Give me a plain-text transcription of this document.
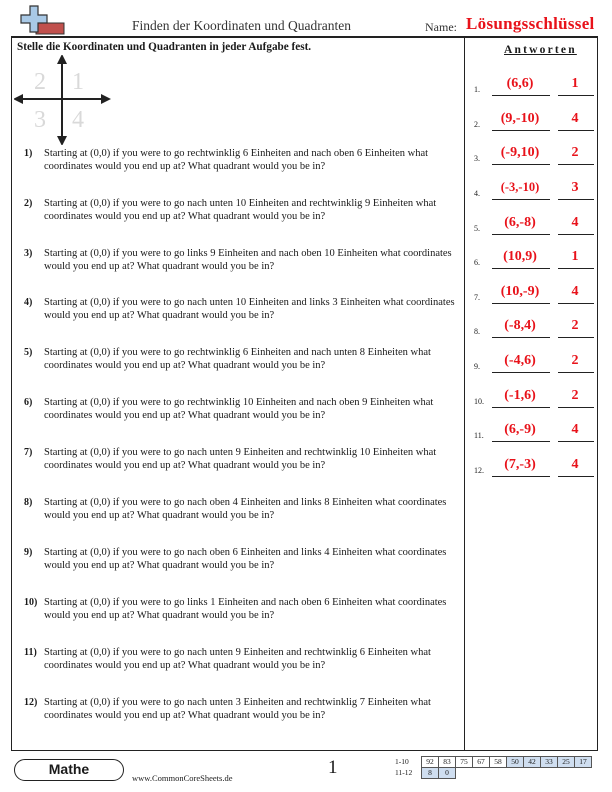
Finden der Koordinaten und Quadranten	Name: Lösungsschlüssel
Stelle die Koordinaten und Quadranten in jeder Aufgabe fest.	Antworten
2 1
3 4
1)	Starting at (0,0) if you were to go rechtwinklig 6 Einheiten and nach oben 6 Einheiten what coordinates would you end up at? What quadrant would you be in?
2)	Starting at (0,0) if you were to go nach unten 10 Einheiten and rechtwinklig 9 Einheiten what coordinates would you end up at? What quadrant would you be in?
3)	Starting at (0,0) if you were to go links 9 Einheiten and nach oben 10 Einheiten what coordinates would you end up at? What quadrant would you be in?
4)	Starting at (0,0) if you were to go nach unten 10 Einheiten and links 3 Einheiten what coordinates would you end up at? What quadrant would you be in?
5)	Starting at (0,0) if you were to go rechtwinklig 6 Einheiten and nach unten 8 Einheiten what coordinates would you end up at? What quadrant would you be in?
6)	Starting at (0,0) if you were to go rechtwinklig 10 Einheiten and nach oben 9 Einheiten what coordinates would you end up at? What quadrant would you be in?
7)	Starting at (0,0) if you were to go nach unten 9 Einheiten and rechtwinklig 10 Einheiten what coordinates would you end up at? What quadrant would you be in?
8)	Starting at (0,0) if you were to go nach oben 4 Einheiten and links 8 Einheiten what coordinates would you end up at? What quadrant would you be in?
9)	Starting at (0,0) if you were to go nach oben 6 Einheiten and links 4 Einheiten what coordinates would you end up at? What quadrant would you be in?
10) Starting at (0,0) if you were to go links 1 Einheiten and nach oben 6 Einheiten what coordinates would you end up at? What quadrant would you be in?
11) Starting at (0,0) if you were to go nach unten 9 Einheiten and rechtwinklig 6 Einheiten what coordinates would you end up at? What quadrant would you be in?
12) Starting at (0,0) if you were to go nach unten 3 Einheiten and rechtwinklig 7 Einheiten what coordinates would you end up at? What quadrant would you be in?
1.	(6,6)	1
2.	(9,-10)	4
3.	(-9,10)	2
4.	(-3,-10)	3
5.	(6,-8)	4
6.	(10,9)	1
7.	(10,-9)	4
8.	(-8,4)	2
9.	(-4,6)	2
10.	(-1,6)	2
11.	(6,-9)	4
12.	(7,-3)	4
Mathe
www.CommonCoreSheets.de	1	1-10	92	83	75	67	58	50	42	33	25	17
11-12	8	0								
